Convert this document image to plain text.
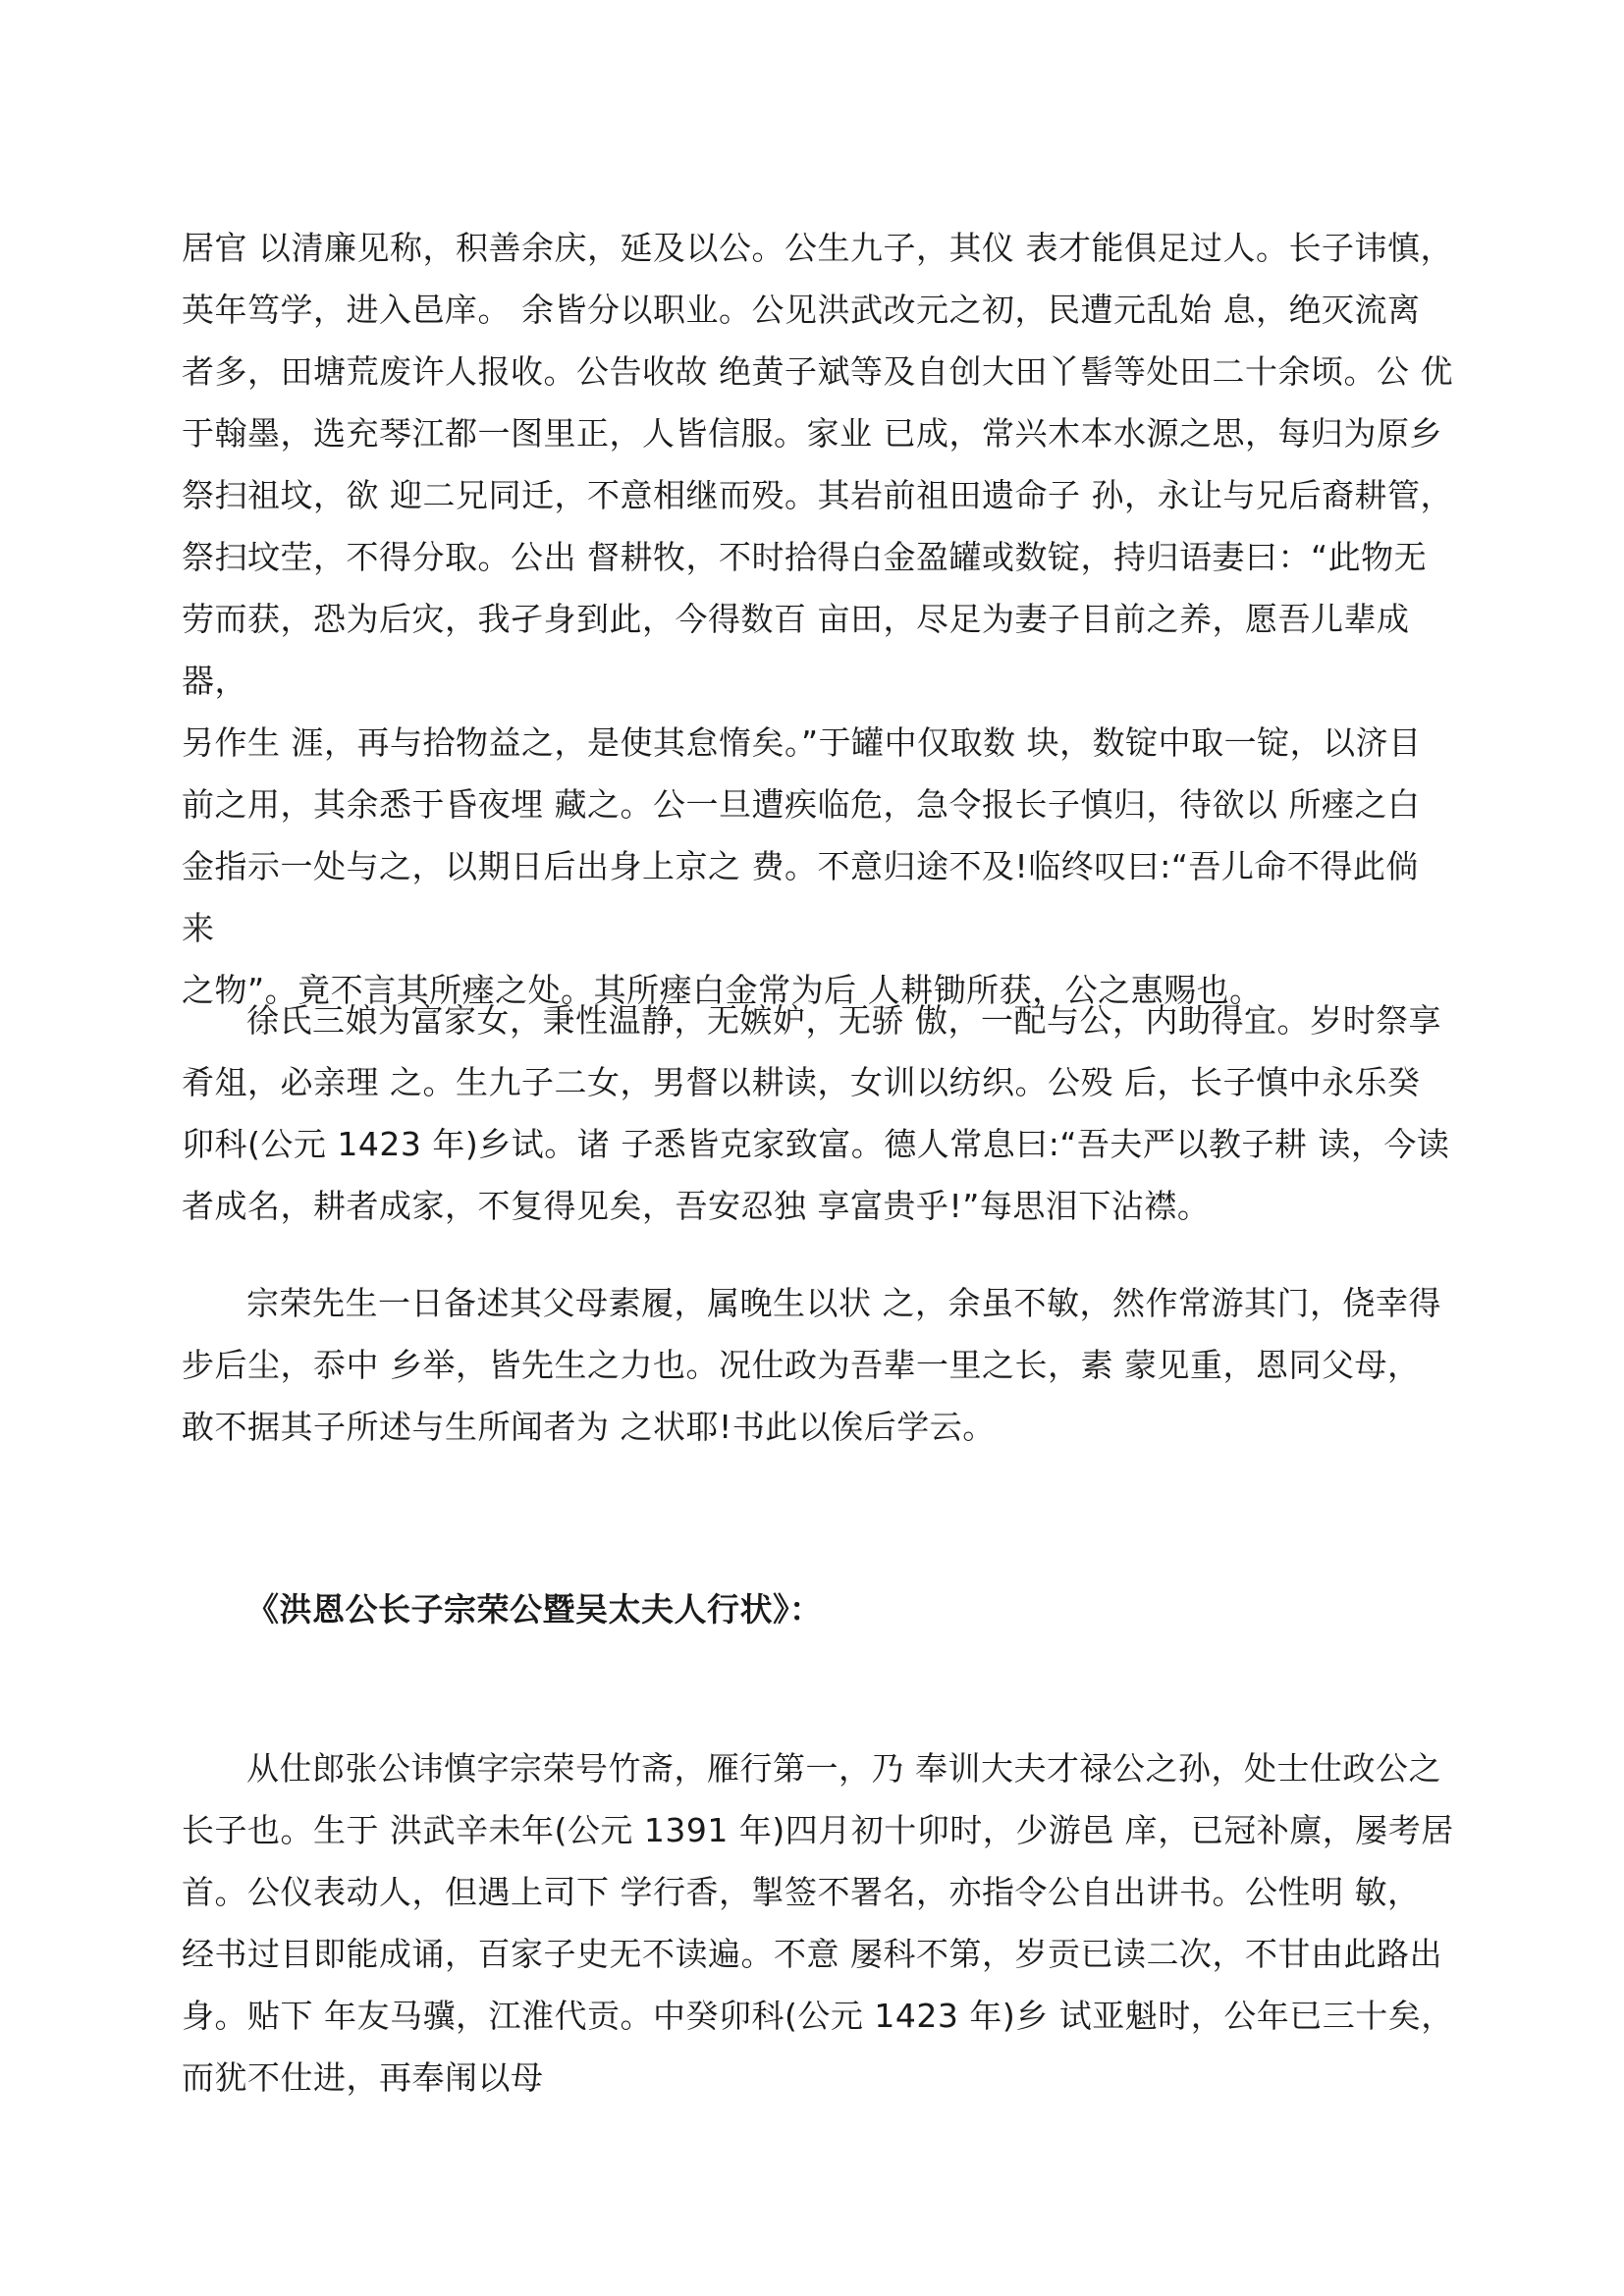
居官 以清廉见称，积善余庆，延及以公。公生九子，其仪 表才能俱足过人。长子讳慎，
英年笃学，进入邑庠。 余皆分以职业。公见洪武改元之初，民遭元乱始 息，绝灭流离
者多，田塘荒废许人报收。公告收故 绝黄子斌等及自创大田丫髻等处田二十余顷。公 优
于翰墨，选充琴江都一图里正，人皆信服。家业 已成，常兴木本水源之思，每归为原乡
祭扫祖坟，欲 迎二兄同迁，不意相继而殁。其岩前祖田遗命子 孙，永让与兄后裔耕管，
祭扫坟茔，不得分取。公出 督耕牧，不时拾得白金盈罐或数锭，持归语妻曰：“此物无
劳而获，恐为后灾，我孑身到此，今得数百 亩田，尽足为妻子目前之养，愿吾儿辈成器，
另作生 涯，再与拾物益之，是使其怠惰矣。”于罐中仅取数 块，数锭中取一锭，以济目
前之用，其余悉于昏夜埋 藏之。公一旦遭疾临危，急令报长子慎归，待欲以 所瘗之白
金指示一处与之，以期日后出身上京之 费。不意归途不及!临终叹曰:“吾儿命不得此倘 来
之物”。竟不言其所瘗之处。其所瘗白金常为后 人耕锄所获，公之惠赐也。
徐氏三娘为富家女，秉性温静，无嫉妒，无骄 傲，一配与公，内助得宜。岁时祭享
肴俎，必亲理 之。生九子二女，男督以耕读，女训以纺织。公殁 后，长子慎中永乐癸
卯科(公元 1423 年)乡试。诸 子悉皆克家致富。德人常息曰:“吾夫严以教子耕 读，今读
者成名，耕者成家，不复得见矣，吾安忍独 享富贵乎!”每思泪下沾襟。
宗荣先生一日备述其父母素履，属晚生以状 之，余虽不敏，然作常游其门，侥幸得
步后尘，忝中 乡举，皆先生之力也。况仕政为吾辈一里之长，素 蒙见重，恩同父母，
敢不据其子所述与生所闻者为 之状耶!书此以俟后学云。
《洪恩公长子宗荣公暨吴太夫人行状》：
从仕郎张公讳慎字宗荣号竹斋，雁行第一，乃 奉训大夫才禄公之孙，处士仕政公之
长子也。生于 洪武辛未年(公元 1391 年)四月初十卯时，少游邑 庠，已冠补廪，屡考居
首。公仪表动人，但遇上司下 学行香，掣签不署名，亦指令公自出讲书。公性明 敏，
经书过目即能成诵，百家子史无不读遍。不意 屡科不第，岁贡已读二次，不甘由此路出
身。贴下 年友马骥，江淮代贡。中癸卯科(公元 1423 年)乡 试亚魁时，公年已三十矣，
而犹不仕进，再奉闱以母
